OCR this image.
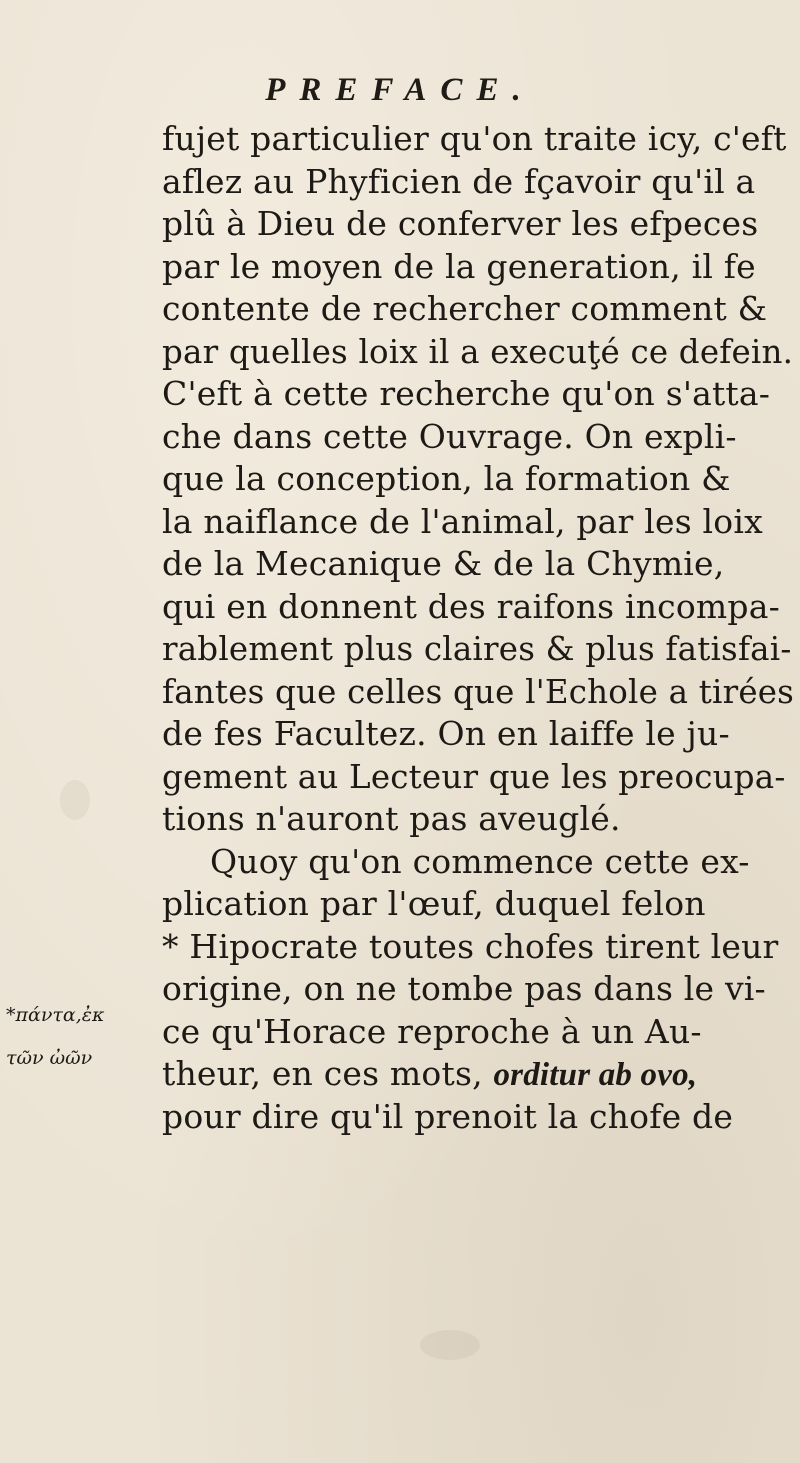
PREFACE.
fujet particulier qu'on traite icy, c'eft
aflez au Phyficien de fçavoir qu'il a
plû à Dieu de conferver les efpeces
par le moyen de la generation, il fe
contente de rechercher comment &
par quelles loix il a execuţé ce defein.
C'eft à cette recherche qu'on s'atta-
che dans cette Ouvrage. On expli-
que la conception, la formation &
la naiflance de l'animal, par les loix
de la Mecanique & de la Chymie,
qui en donnent des raifons incompa-
rablement plus claires & plus fatisfai-
fantes que celles que l'Echole a tirées
de fes Facultez. On en laiffe le ju-
gement au Lecteur que les preocupa-
tions n'auront pas aveuglé.
Quoy qu'on commence cette ex-
plication par l'œuf, duquel felon
* Hipocrate toutes chofes tirent leur
origine, on ne tombe pas dans le vi-
ce qu'Horace reproche à un Au-
theur, en ces mots, orditur ab ovo,
pour dire qu'il prenoit la chofe de
*πάντα,ἐκ
τῶν ὠῶν
